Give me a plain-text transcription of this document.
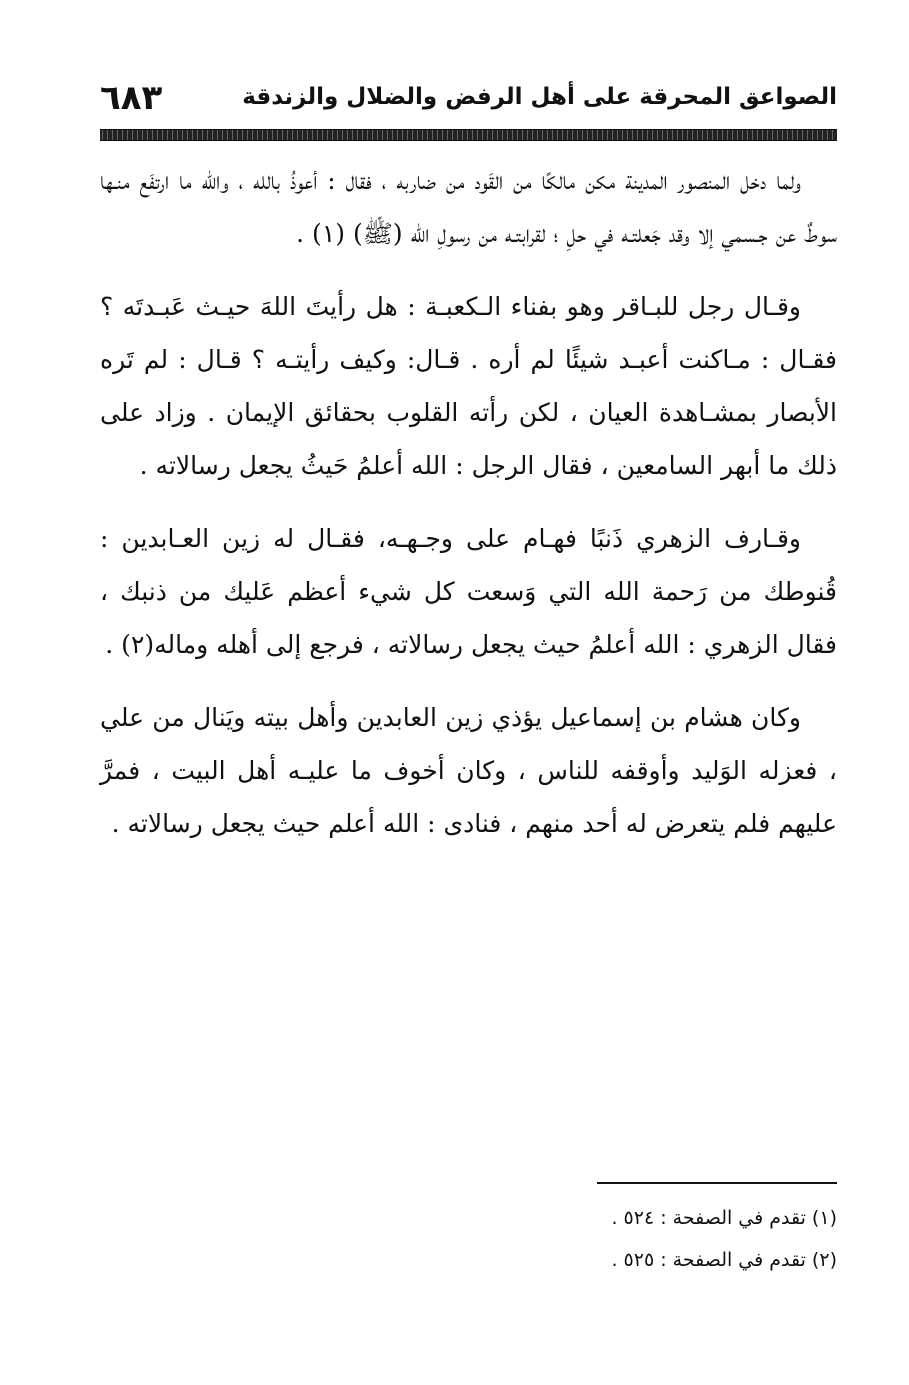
الصواعق المحرقة على أهل الرفض والضلال والزندقة
٦٨٣

ولما دخل المنصور المدينة مكن مالكًا من القَود من ضاربه ، فقال : أعوذُ بالله ، والله ما ارتفَع منـها سوطٌ عن جـسمي إلا وقد جَعلتـه في حلِ ؛ لقرابتـه من رسولِ الله (ﷺ) (١) .

وقـال رجل للبـاقر وهو بفناء الـكعبـة : هل رأيتَ اللهَ حيـث عَبـدتَه ؟ فقـال : مـاكنت أعبـد شيئًا لم أره . قـال: وكيف رأيتـه ؟ قـال : لم تَره الأبصار بمشـاهدة العيان ، لكن رأته القلوب بحقائق الإيمان . وزاد على ذلك ما أبهر السامعين ، فقال الرجل : الله أعلمُ حَيثُ يجعل رسالاته .

وقـارف الزهري ذَنبًا فهـام على وجـهـه، فقـال له زين العـابدين : قُنوطك من رَحمة الله التي وَسعت كل شيء أعظم عَليك من ذنبك ، فقال الزهري : الله أعلمُ حيث يجعل رسالاته ، فرجع إلى أهله وماله(٢) .

وكان هشام بن إسماعيل يؤذي زين العابدين وأهل بيته ويَنال من علي ، فعزله الوَليد وأوقفه للناس ، وكان أخوف ما عليـه أهل البيت ، فمرَّ عليهم فلم يتعرض له أحد منهم ، فنادى : الله أعلم حيث يجعل رسالاته .

(١) تقدم في الصفحة : ٥٢٤ .

(٢) تقدم في الصفحة : ٥٢٥ .
